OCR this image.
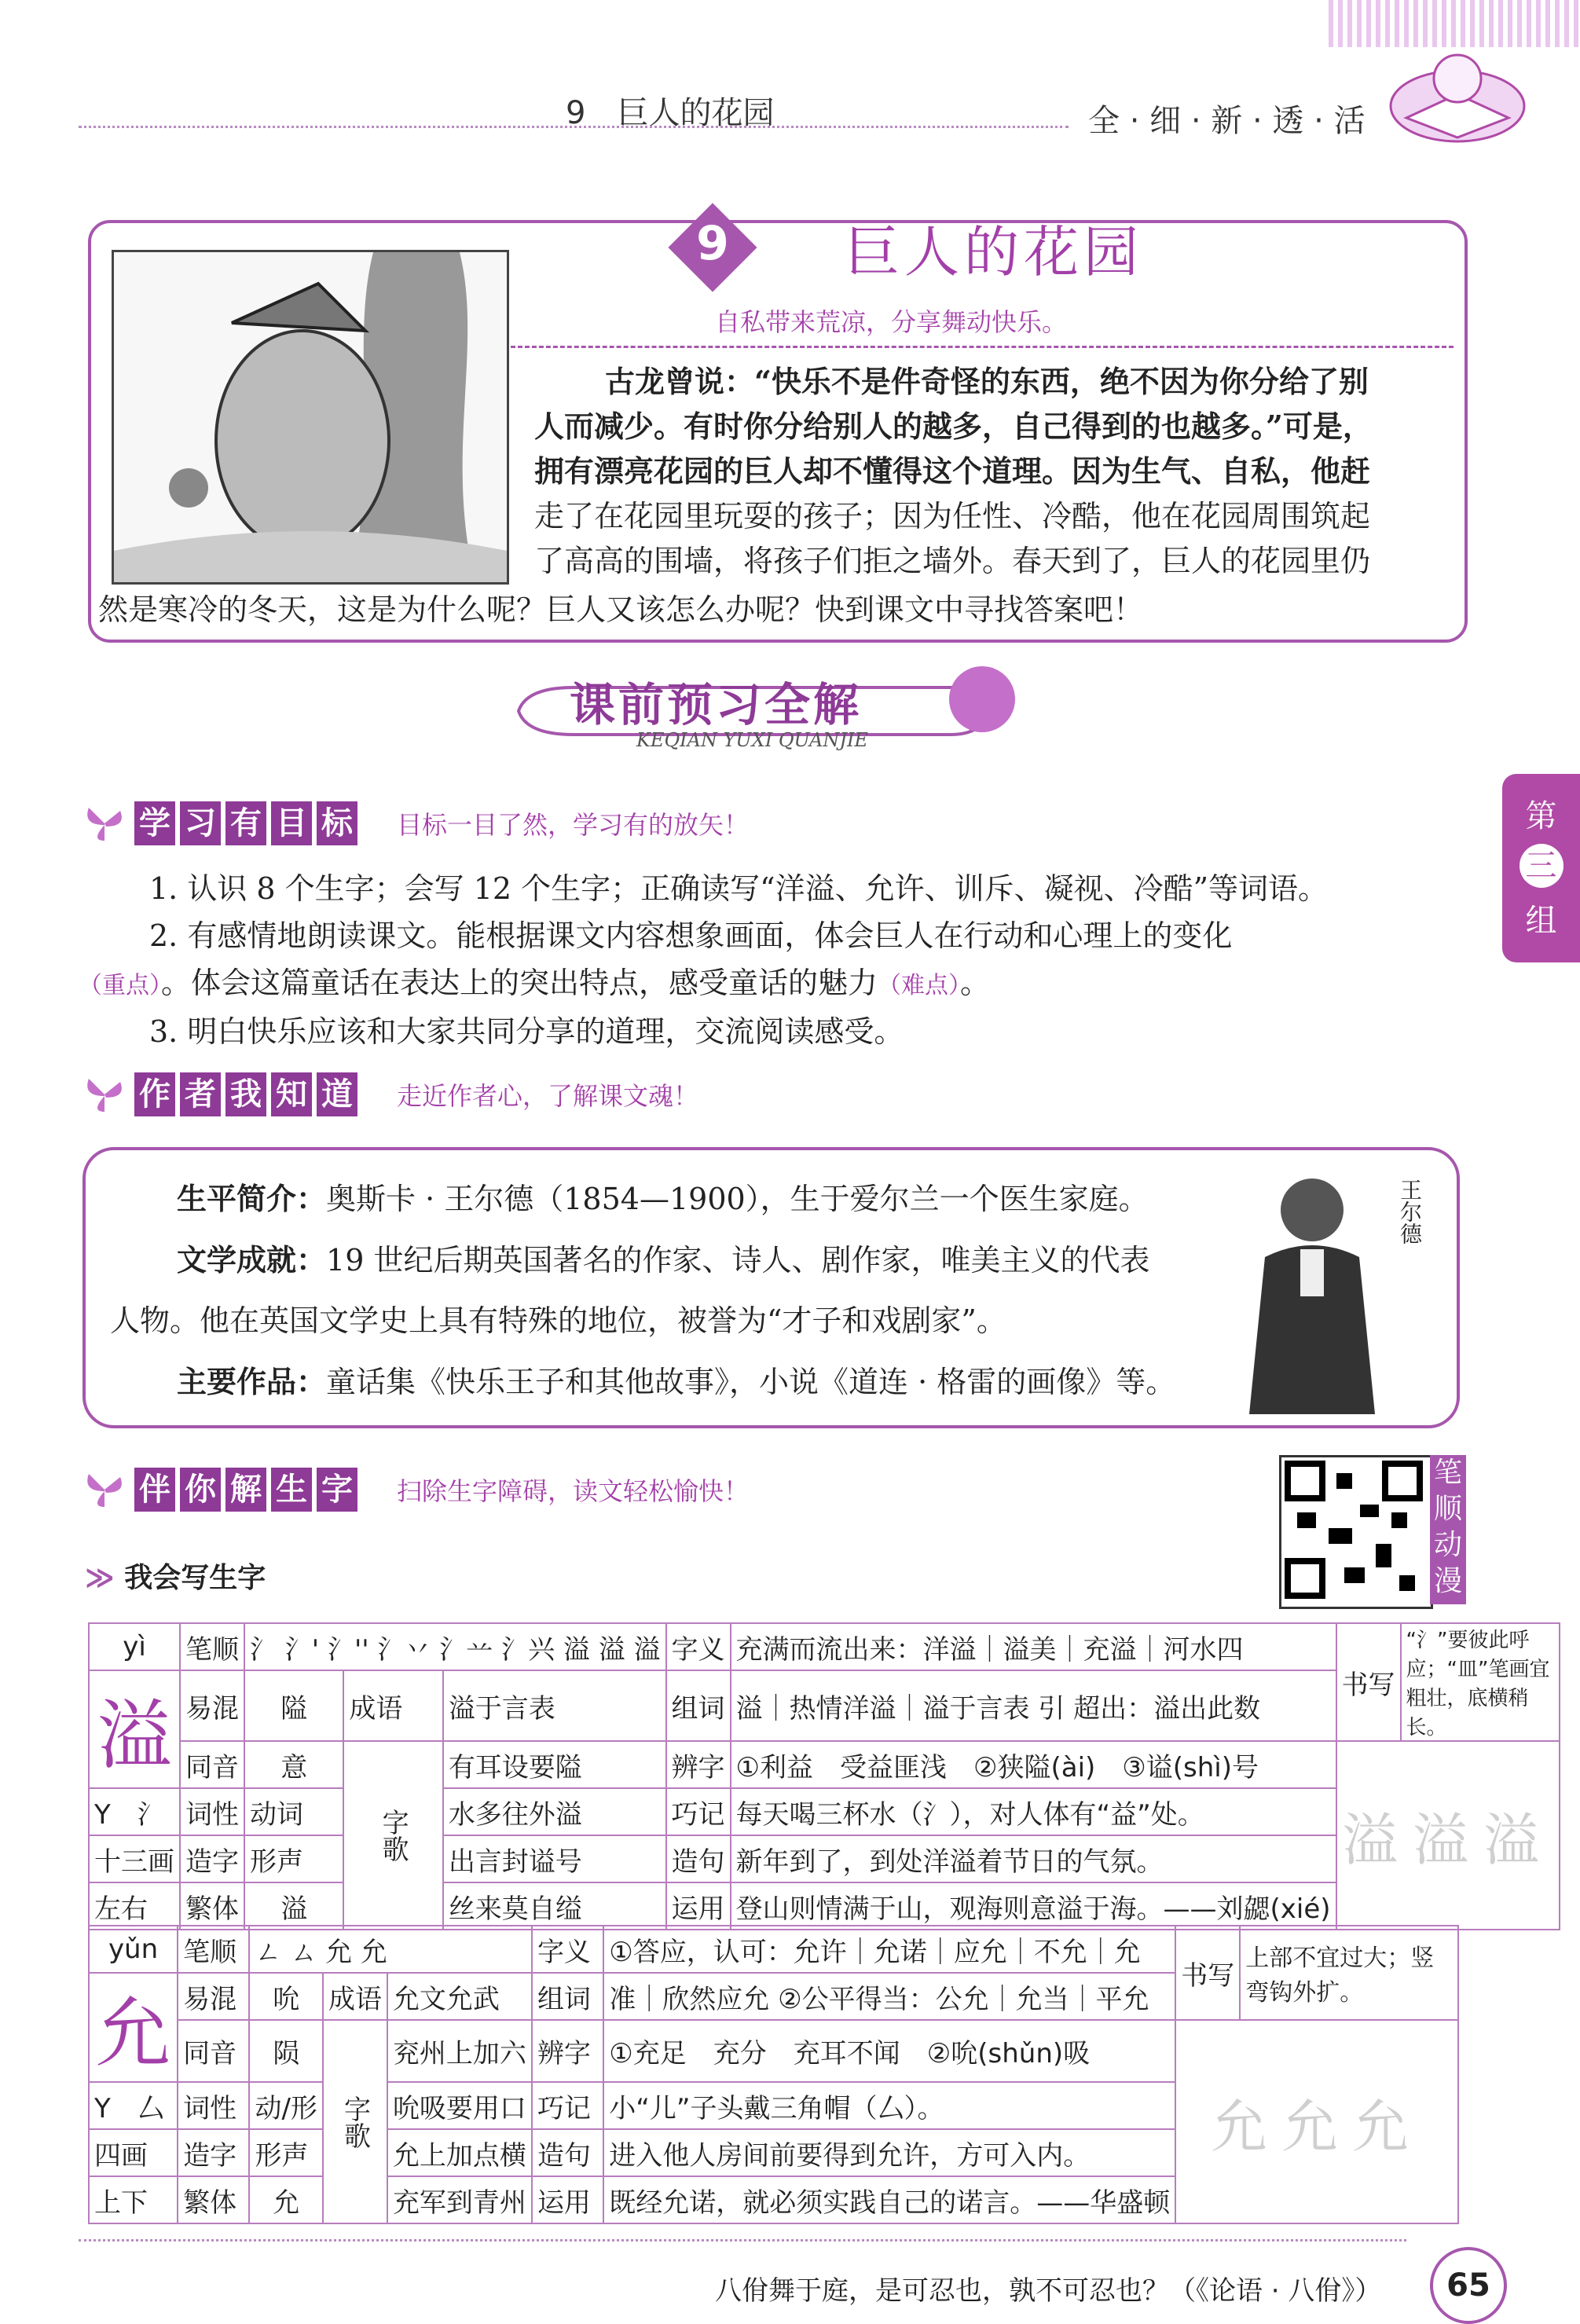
9　巨人的花园	全 · 细 · 新 · 透 · 活
9	巨人的花园
自私带来荒凉，分享舞动快乐。
古龙曾说：“快乐不是件奇怪的东西，绝不因为你分给了别
人而减少。有时你分给别人的越多，自己得到的也越多。”可是，
拥有漂亮花园的巨人却不懂得这个道理。因为生气、自私，他赶
走了在花园里玩耍的孩子；因为任性、冷酷，他在花园周围筑起
了高高的围墙，将孩子们拒之墙外。春天到了，巨人的花园里仍
然是寒冷的冬天，这是为什么呢？巨人又该怎么办呢？快到课文中寻找答案吧！
课前预习全解
KEQIAN YUXI QUANJIE
第
三
组
学 习 有 目 标 目标一目了然，学习有的放矢！
1. 认识 8 个生字；会写 12 个生字；正确读写“洋溢、允许、训斥、凝视、冷酷”等词语。
2. 有感情地朗读课文。能根据课文内容想象画面，体会巨人在行动和心理上的变化
（重点）。体会这篇童话在表达上的突出特点，感受童话的魅力（难点）。
3. 明白快乐应该和大家共同分享的道理，交流阅读感受。
作 者 我 知 道 走近作者心，了解课文魂！
生平简介：奥斯卡 · 王尔德（1854—1900），生于爱尔兰一个医生家庭。
文学成就：19 世纪后期英国著名的作家、诗人、剧作家，唯美主义的代表
人物。他在英国文学史上具有特殊的地位，被誉为“才子和戏剧家”。
主要作品：童话集《快乐王子和其他故事》，小说《道连 · 格雷的画像》等。
王尔德
伴 你 解 生 字 扫除生字障碍，读文轻松愉快！
笔顺动漫
≫ 我会写生字
yì	笔顺	氵 氵' 氵'' 氵丷 氵䒑 氵兴 溢 溢 溢			字义	充满而流出来：洋溢｜溢美｜充溢｜河水四	书写	“氵”要彼此呼应；“皿”笔画宜粗壮，底横稍长。
溢	易混	隘	成语	溢于言表	组词	溢｜热情洋溢｜溢于言表 引 超出：溢出此数		
	同音	意	字歌	有耳设要隘	辨字	①利益　受益匪浅　②狭隘(ài)　③谥(shì)号	溢溢溢	
Y　氵	词性	动词		水多往外溢	巧记	每天喝三杯水（氵），对人体有“益”处。		
十三画	造字	形声		出言封谥号	造句	新年到了，到处洋溢着节日的气氛。		
左右	繁体	溢		丝来莫自缢	运用	登山则情满于山，观海则意溢于海。——刘勰(xié)		
yǔn	笔顺	ㄥ ㄙ 允 允			字义	①答应，认可：允许｜允诺｜应允｜不允｜允	书写	上部不宜过大；竖弯钩外扩。
允	易混	吮	成语	允文允武	组词	准｜欣然应允 ②公平得当：公允｜允当｜平允		
	同音	陨	字歌	兖州上加六	辨字	①充足　充分　充耳不闻　②吮(shǔn)吸	允允允	
Y　厶	词性	动/形		吮吸要用口	巧记	小“儿”子头戴三角帽（厶）。		
四画	造字	形声		允上加点横	造句	进入他人房间前要得到允许，方可入内。		
上下	繁体	允		充军到青州	运用	既经允诺，就必须实践自己的诺言。——华盛顿		
八佾舞于庭，是可忍也，孰不可忍也？（《论语 · 八佾》）	65
